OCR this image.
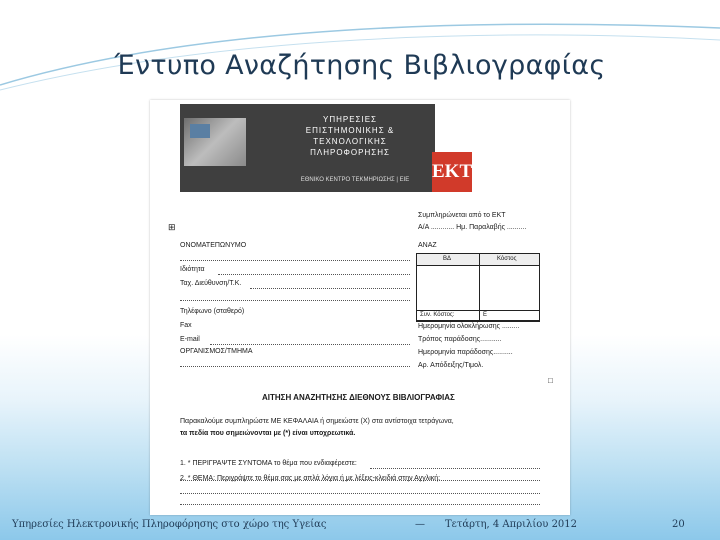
Έντυπο Αναζήτησης Βιβλιογραφίας
ΥΠΗΡΕΣΙΕΣ
ΕΠΙΣΤΗΜΟΝΙΚΗΣ &
ΤΕΧΝΟΛΟΓΙΚΗΣ
ΠΛΗΡΟΦΟΡΗΣΗΣ
ΕΘΝΙΚΟ ΚΕΝΤΡΟ ΤΕΚΜΗΡΙΩΣΗΣ | ΕΙΕ	ΕΚΤ
Συμπληρώνεται από το ΕΚΤ
Α/Α ............ Ημ. Παραλαβής ..........
⊞
ΟΝΟΜΑΤΕΠΩΝΥΜΟ
Ιδιότητα
Ταχ. Διεύθυνση/Τ.Κ.
Τηλέφωνο (σταθερό)
Fax
E-mail
ΟΡΓΑΝΙΣΜΟΣ/ΤΜΗΜΑ
ΑΝΑΖ
ΒΔ	Κόστος
Συν. Κόστος:	Ε
Ημερομηνία ολοκλήρωσης .........
Τρόπος παράδοσης...........
Ημερομηνία παράδοσης..........
Αρ. Απόδειξης/Τιμολ.
□
ΑΙΤΗΣΗ ΑΝΑΖΗΤΗΣΗΣ ΔΙΕΘΝΟΥΣ ΒΙΒΛΙΟΓΡΑΦΙΑΣ
Παρακαλούμε συμπληρώστε ΜΕ ΚΕΦΑΛΑΙΑ ή σημειώστε (Χ) στα αντίστοιχα τετράγωνα,
τα πεδία που σημειώνονται με (*) είναι υποχρεωτικά.
1. * ΠΕΡΙΓΡΑΨΤΕ ΣΥΝΤΟΜΑ το θέμα που ενδιαφέρεστε:
2. * ΘΕΜΑ: Περιγράψτε το θέμα σας με απλά λόγια ή με λέξεις-κλειδιά στην Αγγλική:
Υπηρεσίες Ηλεκτρονικής Πληροφόρησης στο χώρο της Υγείας	— Τετάρτη, 4 Απριλίου 2012	20
